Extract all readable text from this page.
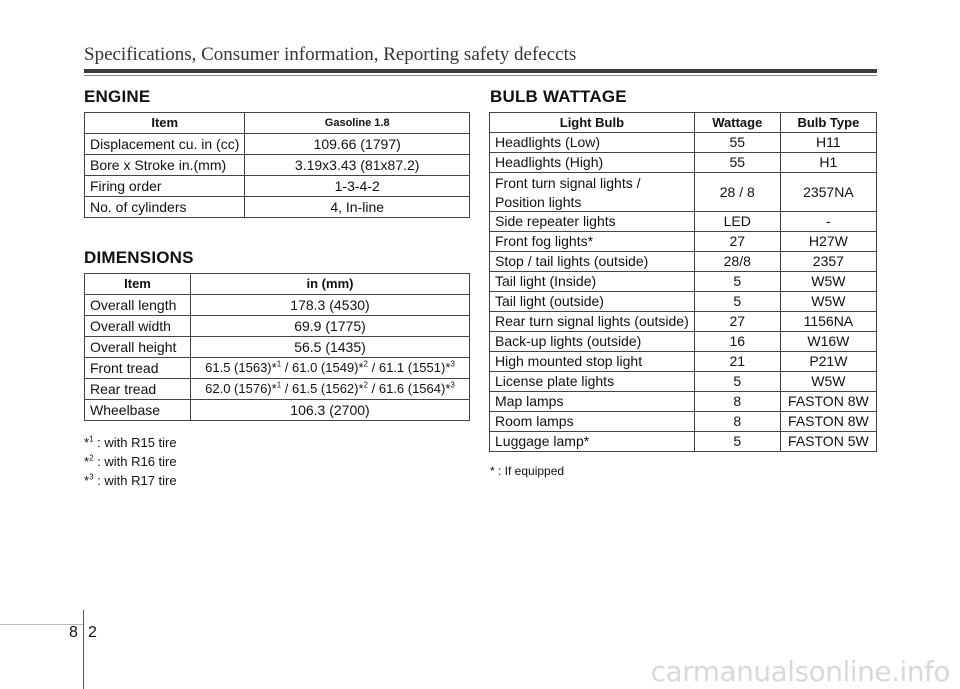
Specifications, Consumer information, Reporting safety defeccts
ENGINE
Item	Gasoline 1.8
Displacement cu. in (cc)	109.66 (1797)
Bore x Stroke in.(mm)	3.19x3.43 (81x87.2)
Firing order	1-3-4-2
No. of cylinders	4, In-line
DIMENSIONS
Item	in (mm)
Overall length	178.3 (4530)
Overall width	69.9 (1775)
Overall height	56.5 (1435)
Front tread	61.5 (1563)*$^1$ / 61.0 (1549)*$^2$ / 61.1 (1551)*$^3$
Rear tread	62.0 (1576)*$^1$ / 61.5 (1562)*$^2$ / 61.6 (1564)*$^3$
Wheelbase	106.3 (2700)
*$^1$ : with R15 tire
*$^2$ : with R16 tire
*$^3$ : with R17 tire
BULB WATTAGE
Light Bulb	Wattage	Bulb Type
Headlights (Low)	55	H11
Headlights (High)	55	H1

Front turn signal lights /
Position lights	28 / 8	2357NA
Side repeater lights	LED	-
Front fog lights*	27	H27W
Stop / tail lights (outside)	28/8	2357
Tail light (Inside)	5	W5W
Tail light (outside)	5	W5W
Rear turn signal lights (outside)	27	1156NA
Back-up lights (outside)	16	W16W
High mounted stop light	21	P21W
License plate lights	5	W5W
Map lamps	8	FASTON 8W
Room lamps	8	FASTON 8W
Luggage lamp*	5	FASTON 5W
* : If equipped
8 2
carmanualsonline.info
